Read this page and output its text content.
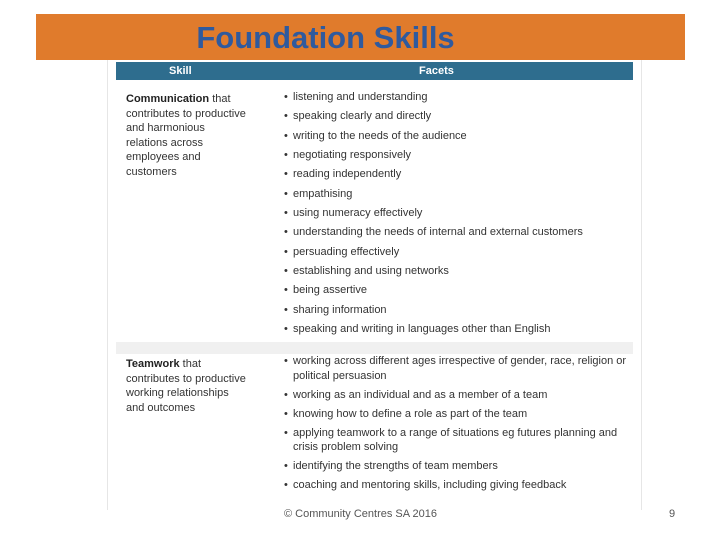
Foundation Skills
Skill	Facets
Communication that contributes to productive and harmonious relations across employees and customers
• listening and understanding
• speaking clearly and directly
• writing to the needs of the audience
• negotiating responsively
• reading independently
• empathising
• using numeracy effectively
• understanding the needs of internal and external customers
• persuading effectively
• establishing and using networks
• being assertive
• sharing information
• speaking and writing in languages other than English
Teamwork that contributes to productive working relationships and outcomes
• working across different ages irrespective of gender, race, religion or political persuasion
• working as an individual and as a member of a team
• knowing how to define a role as part of the team
• applying teamwork to a range of situations eg futures planning and crisis problem solving
• identifying the strengths of team members
• coaching and mentoring skills, including giving feedback
© Community Centres SA 2016	9
